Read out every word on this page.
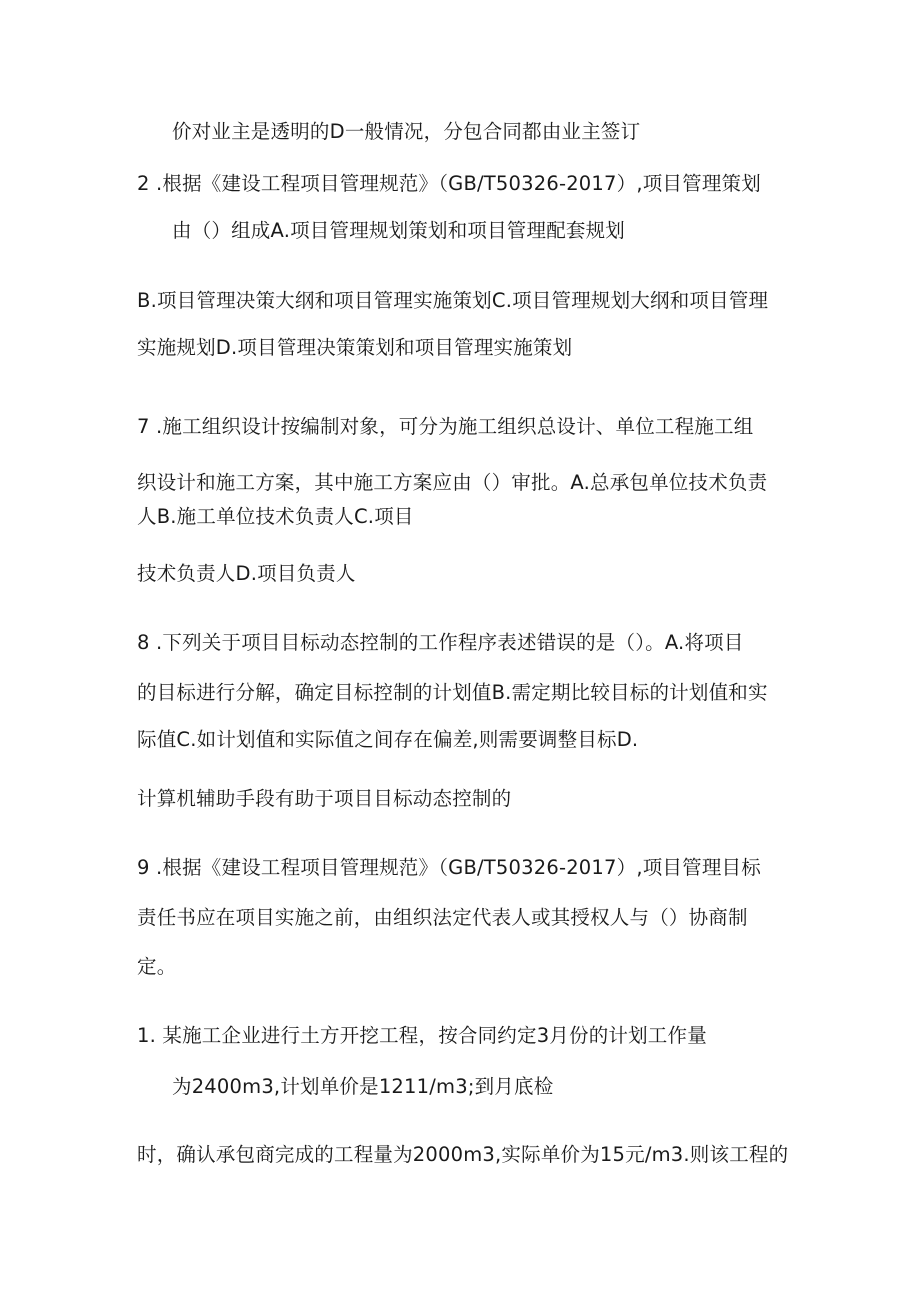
价对业主是透明的D一般情况，分包合同都由业主签订

2 .根据《建设工程项目管理规范》（GB/T50326-2017）,项目管理策划

由（）组成A.项目管理规划策划和项目管理配套规划

B.项目管理决策大纲和项目管理实施策划C.项目管理规划大纲和项目管理

实施规划D.项目管理决策策划和项目管理实施策划

7 .施工组织设计按编制对象，可分为施工组织总设计、单位工程施工组

织设计和施工方案，其中施工方案应由（）审批。A.总承包单位技术负责

人B.施工单位技术负责人C.项目

技术负责人D.项目负责人

8 .下列关于项目目标动态控制的工作程序表述错误的是（）。A.将项目

的目标进行分解，确定目标控制的计划值B.需定期比较目标的计划值和实

际值C.如计划值和实际值之间存在偏差,则需要调整目标D.

计算机辅助手段有助于项目目标动态控制的

9 .根据《建设工程项目管理规范》（GB/T50326-2017）,项目管理目标

责任书应在项目实施之前，由组织法定代表人或其授权人与（）协商制

定。

1. 某施工企业进行土方开挖工程，按合同约定3月份的计划工作量

为2400m3,计划单价是1211/m3;到月底检

时，确认承包商完成的工程量为2000m3,实际单价为15元/m3.则该工程的
